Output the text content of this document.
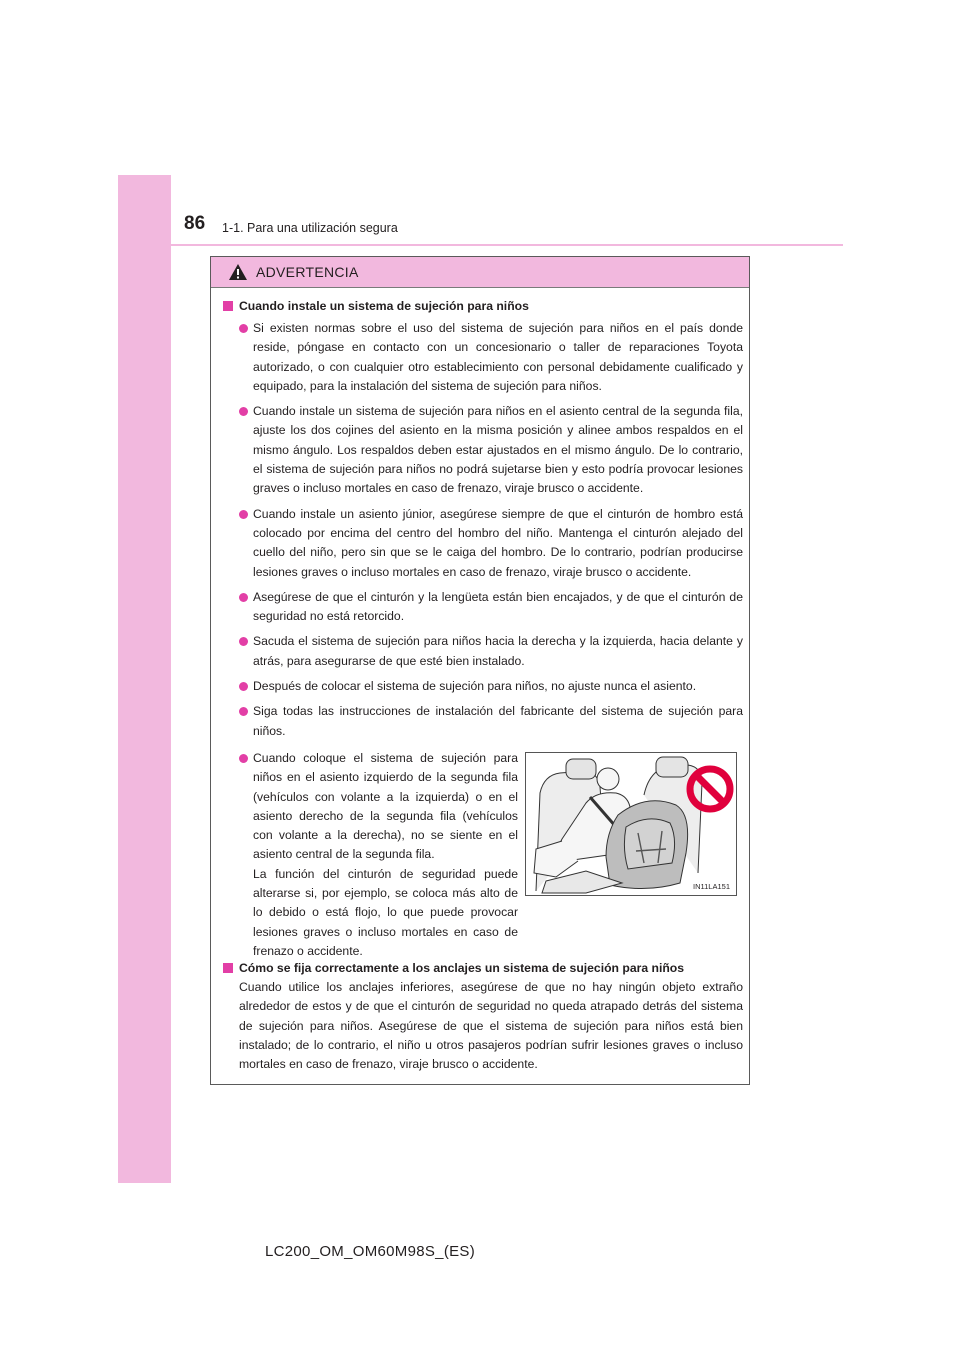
86 1-1. Para una utilización segura
ADVERTENCIA
Cuando instale un sistema de sujeción para niños
Si existen normas sobre el uso del sistema de sujeción para niños en el país donde reside, póngase en contacto con un concesionario o taller de reparaciones Toyota autorizado, o con cualquier otro establecimiento con personal debidamente cualificado y equipado, para la instalación del sistema de sujeción para niños.
Cuando instale un sistema de sujeción para niños en el asiento central de la segunda fila, ajuste los dos cojines del asiento en la misma posición y alinee ambos respaldos en el mismo ángulo. Los respaldos deben estar ajustados en el mismo ángulo. De lo contrario, el sistema de sujeción para niños no podrá sujetarse bien y esto podría provocar lesiones graves o incluso mortales en caso de frenazo, viraje brusco o accidente.
Cuando instale un asiento júnior, asegúrese siempre de que el cinturón de hombro está colocado por encima del centro del hombro del niño. Mantenga el cinturón alejado del cuello del niño, pero sin que se le caiga del hombro. De lo contrario, podrían producirse lesiones graves o incluso mortales en caso de frenazo, viraje brusco o accidente.
Asegúrese de que el cinturón y la lengüeta están bien encajados, y de que el cinturón de seguridad no está retorcido.
Sacuda el sistema de sujeción para niños hacia la derecha y la izquierda, hacia delante y atrás, para asegurarse de que esté bien instalado.
Después de colocar el sistema de sujeción para niños, no ajuste nunca el asiento.
Siga todas las instrucciones de instalación del fabricante del sistema de sujeción para niños.
Cuando coloque el sistema de sujeción para niños en el asiento izquierdo de la segunda fila (vehículos con volante a la izquierda) o en el asiento derecho de la segunda fila (vehículos con volante a la derecha), no se siente en el asiento central de la segunda fila.
La función del cinturón de seguridad puede alterarse si, por ejemplo, se coloca más alto de lo debido o está flojo, lo que puede provocar lesiones graves o incluso mortales en caso de frenazo o accidente.
IN11LA151
Cómo se fija correctamente a los anclajes un sistema de sujeción para niños
Cuando utilice los anclajes inferiores, asegúrese de que no hay ningún objeto extraño alrededor de estos y de que el cinturón de seguridad no queda atrapado detrás del sistema de sujeción para niños. Asegúrese de que el sistema de sujeción para niños está bien instalado; de lo contrario, el niño u otros pasajeros podrían sufrir lesiones graves o incluso mortales en caso de frenazo, viraje brusco o accidente.
LC200_OM_OM60M98S_(ES)
